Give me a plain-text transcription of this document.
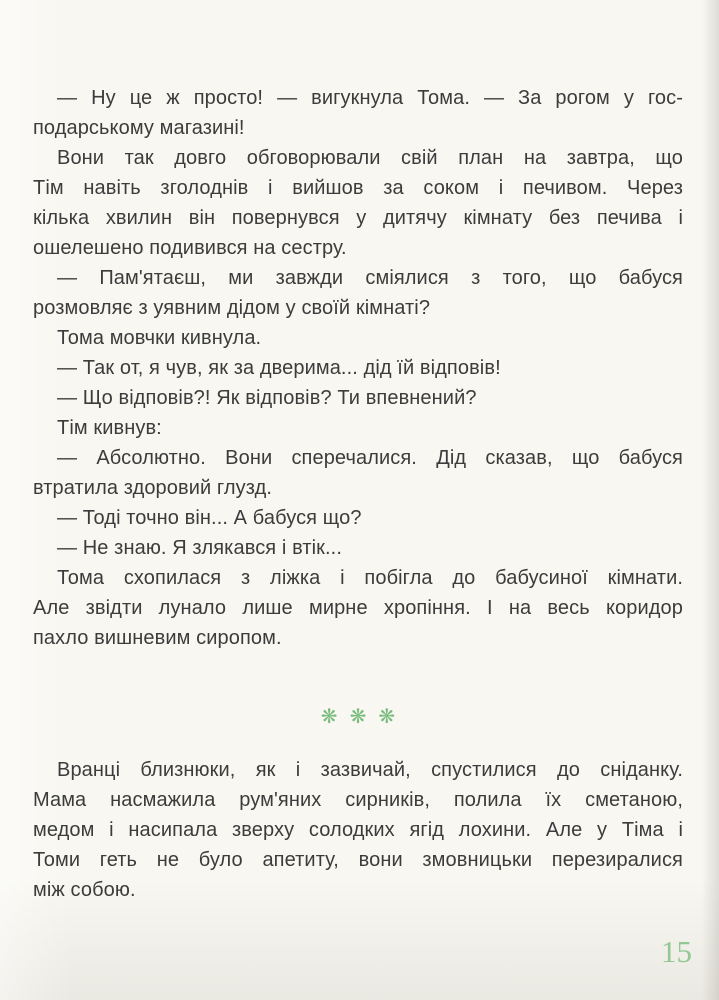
— Ну це ж просто! — вигукнула Тома. — За рогом у гос-
подарському магазині!
Вони так довго обговорювали свій план на завтра, що
Тім навіть зголоднів і вийшов за соком і печивом. Через
кілька хвилин він повернувся у дитячу кімнату без печива і
ошелешено подивився на сестру.
— Пам'ятаєш, ми завжди сміялися з того, що бабуся
розмовляє з уявним дідом у своїй кімнаті?
Тома мовчки кивнула.
— Так от, я чув, як за дверима... дід їй відповів!
— Що відповів?! Як відповів? Ти впевнений?
Тім кивнув:
— Абсолютно. Вони сперечалися. Дід сказав, що бабуся
втратила здоровий глузд.
— Тоді точно він... А бабуся що?
— Не знаю. Я злякався і втік...
Тома схопилася з ліжка і побігла до бабусиної кімнати.
Але звідти лунало лише мирне хропіння. І на весь коридор
пахло вишневим сиропом.
❋ ❋ ❋
Вранці близнюки, як і зазвичай, спустилися до сніданку.
Мама насмажила рум'яних сирників, полила їх сметаною,
медом і насипала зверху солодких ягід лохини. Але у Тіма і
Томи геть не було апетиту, вони змовницьки перезиралися
між собою.
15
